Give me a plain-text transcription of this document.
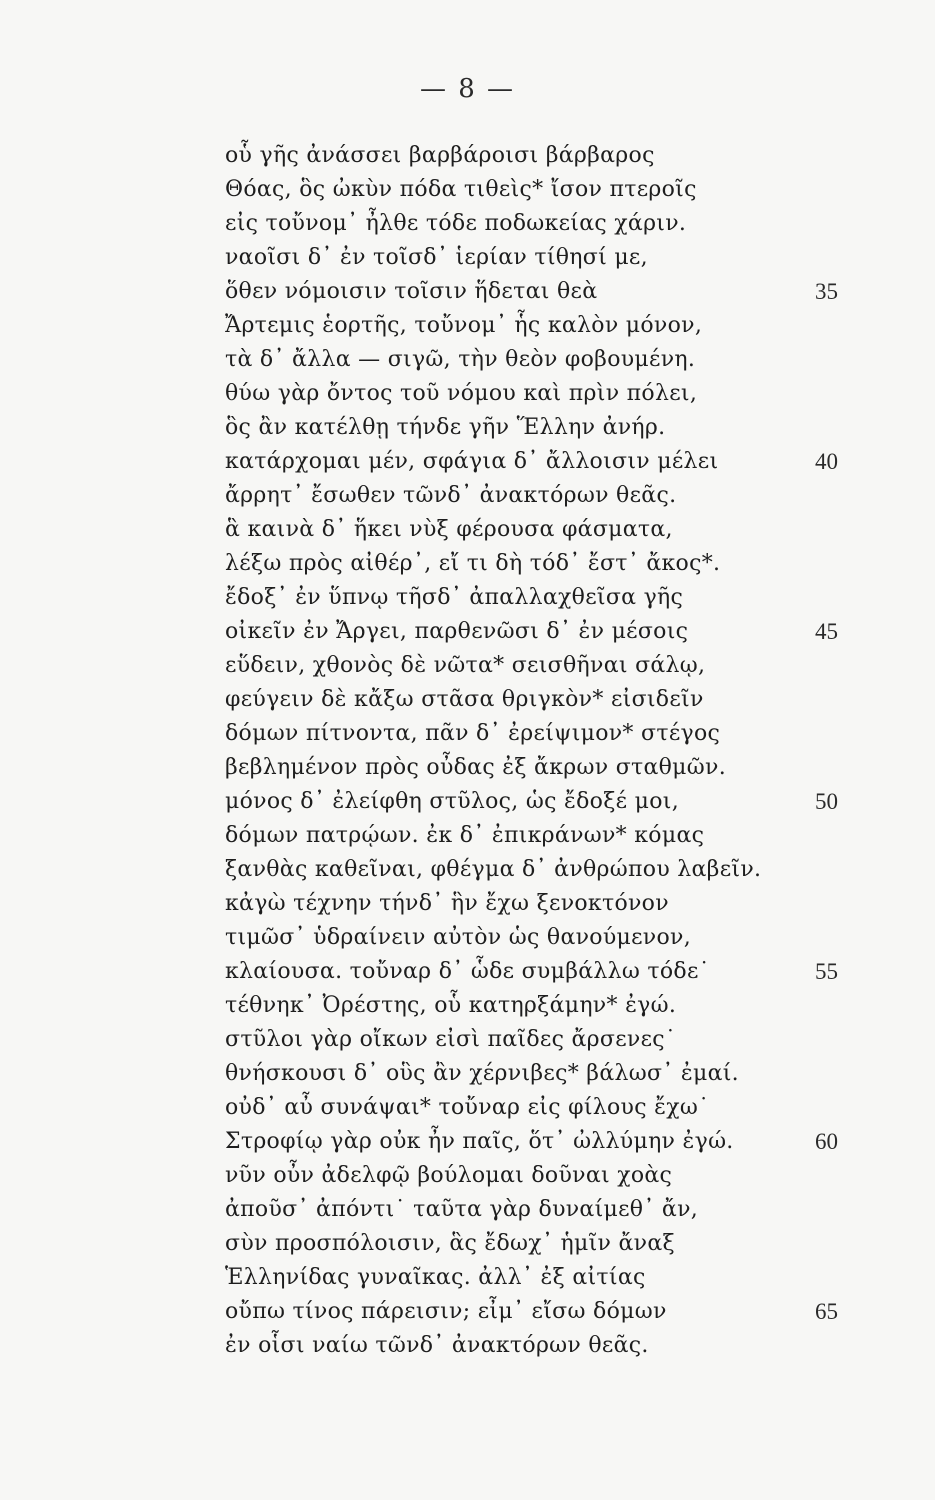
— 8 —
οὗ γῆς ἀνάσσει βαρβάροισι βάρβαρος
Θόας, ὃς ὠκὺν πόδα τιθεὶς* ἴσον πτεροῖς
εἰς τοὔνομ᾽ ἦλθε τόδε ποδωκείας χάριν.
ναοῖσι δ᾽ ἐν τοῖσδ᾽ ἱερίαν τίθησί με,
ὅθεν νόμοισιν τοῖσιν ἥδεται θεὰ
Ἄρτεμις ἑορτῆς, τοὔνομ᾽ ἧς καλὸν μόνον,
τὰ δ᾽ ἄλλα — σιγῶ, τὴν θεὸν φοβουμένη.
θύω γὰρ ὄντος τοῦ νόμου καὶ πρὶν πόλει,
ὃς ἂν κατέλθῃ τήνδε γῆν Ἕλλην ἀνήρ.
κατάρχομαι μέν, σφάγια δ᾽ ἄλλοισιν μέλει
ἄρρητ᾽ ἔσωθεν τῶνδ᾽ ἀνακτόρων θεᾶς.
ἃ καινὰ δ᾽ ἥκει νὺξ φέρουσα φάσματα,
λέξω πρὸς αἰθέρ᾽, εἴ τι δὴ τόδ᾽ ἔστ᾽ ἄκος*.
ἔδοξ᾽ ἐν ὕπνῳ τῆσδ᾽ ἀπαλλαχθεῖσα γῆς
οἰκεῖν ἐν Ἄργει, παρθενῶσι δ᾽ ἐν μέσοις
εὕδειν, χθονὸς δὲ νῶτα* σεισθῆναι σάλῳ,
φεύγειν δὲ κἄξω στᾶσα θριγκὸν* εἰσιδεῖν
δόμων πίτνοντα, πᾶν δ᾽ ἐρείψιμον* στέγος
βεβλημένον πρὸς οὖδας ἐξ ἄκρων σταθμῶν.
μόνος δ᾽ ἐλείφθη στῦλος, ὡς ἔδοξέ μοι,
δόμων πατρῴων. ἐκ δ᾽ ἐπικράνων* κόμας
ξανθὰς καθεῖναι, φθέγμα δ᾽ ἀνθρώπου λαβεῖν.
κἀγὼ τέχνην τήνδ᾽ ἣν ἔχω ξενοκτόνον
τιμῶσ᾽ ὑδραίνειν αὐτὸν ὡς θανούμενον,
κλαίουσα. τοὔναρ δ᾽ ὧδε συμβάλλω τόδε˙
τέθνηκ᾽ Ὀρέστης, οὗ κατηρξάμην* ἐγώ.
στῦλοι γὰρ οἴκων εἰσὶ παῖδες ἄρσενες˙
θνήσκουσι δ᾽ οὓς ἂν χέρνιβες* βάλωσ᾽ ἐμαί.
οὐδ᾽ αὖ συνάψαι* τοὔναρ εἰς φίλους ἔχω˙
Στροφίῳ γὰρ οὐκ ἦν παῖς, ὅτ᾽ ὠλλύμην ἐγώ.
νῦν οὖν ἀδελφῷ βούλομαι δοῦναι χοὰς
ἀποῦσ᾽ ἀπόντι˙ ταῦτα γὰρ δυναίμεθ᾽ ἄν,
σὺν προσπόλοισιν, ἃς ἔδωχ᾽ ἡμῖν ἄναξ
Ἑλληνίδας γυναῖκας. ἀλλ᾽ ἐξ αἰτίας
οὔπω τίνος πάρεισιν; εἶμ᾽ εἴσω δόμων
ἐν οἷσι ναίω τῶνδ᾽ ἀνακτόρων θεᾶς.
35
40
45
50
55
60
65
